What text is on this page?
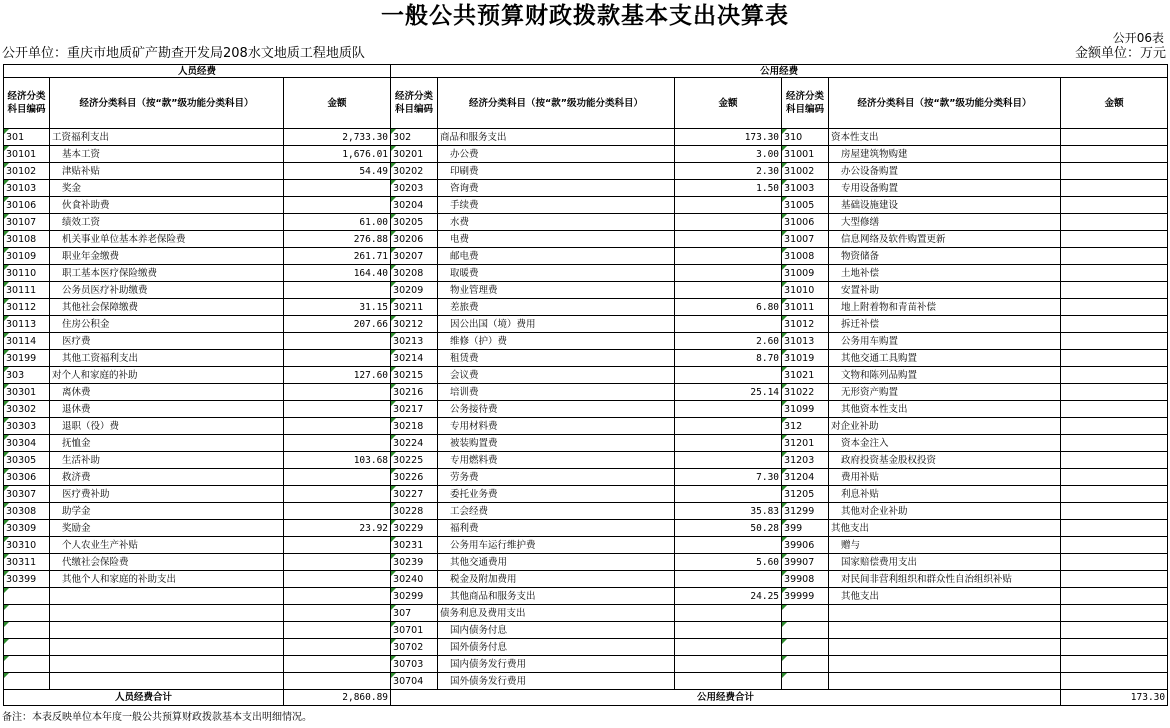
一般公共预算财政拨款基本支出决算表
公开06表
公开单位：重庆市地质矿产勘查开发局208水文地质工程地质队	金额单位：万元
人员经费			公用经费					
经济分类科目编码	经济分类科目（按“款”级功能分类科目）	金额	经济分类科目编码	经济分类科目（按“款”级功能分类科目）	金额	经济分类科目编码	经济分类科目（按“款”级功能分类科目）	金额
301	工资福利支出	2,733.30	302	商品和服务支出	173.30	310	资本性支出	
30101	基本工资	1,676.01	30201	办公费	3.00	31001	房屋建筑物购建	
30102	津贴补贴	54.49	30202	印刷费	2.30	31002	办公设备购置	
30103	奖金		30203	咨询费	1.50	31003	专用设备购置	
30106	伙食补助费		30204	手续费		31005	基础设施建设	
30107	绩效工资	61.00	30205	水费		31006	大型修缮	
30108	机关事业单位基本养老保险费	276.88	30206	电费		31007	信息网络及软件购置更新	
30109	职业年金缴费	261.71	30207	邮电费		31008	物资储备	
30110	职工基本医疗保险缴费	164.40	30208	取暖费		31009	土地补偿	
30111	公务员医疗补助缴费		30209	物业管理费		31010	安置补助	
30112	其他社会保障缴费	31.15	30211	差旅费	6.80	31011	地上附着物和青苗补偿	
30113	住房公积金	207.66	30212	因公出国（境）费用		31012	拆迁补偿	
30114	医疗费		30213	维修（护）费	2.60	31013	公务用车购置	
30199	其他工资福利支出		30214	租赁费	8.70	31019	其他交通工具购置	
303	对个人和家庭的补助	127.60	30215	会议费		31021	文物和陈列品购置	
30301	离休费		30216	培训费	25.14	31022	无形资产购置	
30302	退休费		30217	公务接待费		31099	其他资本性支出	
30303	退职（役）费		30218	专用材料费		312	对企业补助	
30304	抚恤金		30224	被装购置费		31201	资本金注入	
30305	生活补助	103.68	30225	专用燃料费		31203	政府投资基金股权投资	
30306	救济费		30226	劳务费	7.30	31204	费用补贴	
30307	医疗费补助		30227	委托业务费		31205	利息补贴	
30308	助学金		30228	工会经费	35.83	31299	其他对企业补助	
30309	奖励金	23.92	30229	福利费	50.28	399	其他支出	
30310	个人农业生产补贴		30231	公务用车运行维护费		39906	赠与	
30311	代缴社会保险费		30239	其他交通费用	5.60	39907	国家赔偿费用支出	
30399	其他个人和家庭的补助支出		30240	税金及附加费用		39908	对民间非营利组织和群众性自治组织补贴	
			30299	其他商品和服务支出	24.25	39999	其他支出	
			307	债务利息及费用支出				
			30701	国内债务付息				
			30702	国外债务付息				
			30703	国内债务发行费用				
			30704	国外债务发行费用				
人员经费合计		2,860.89	公用经费合计					173.30
备注：本表反映单位本年度一般公共预算财政拨款基本支出明细情况。
